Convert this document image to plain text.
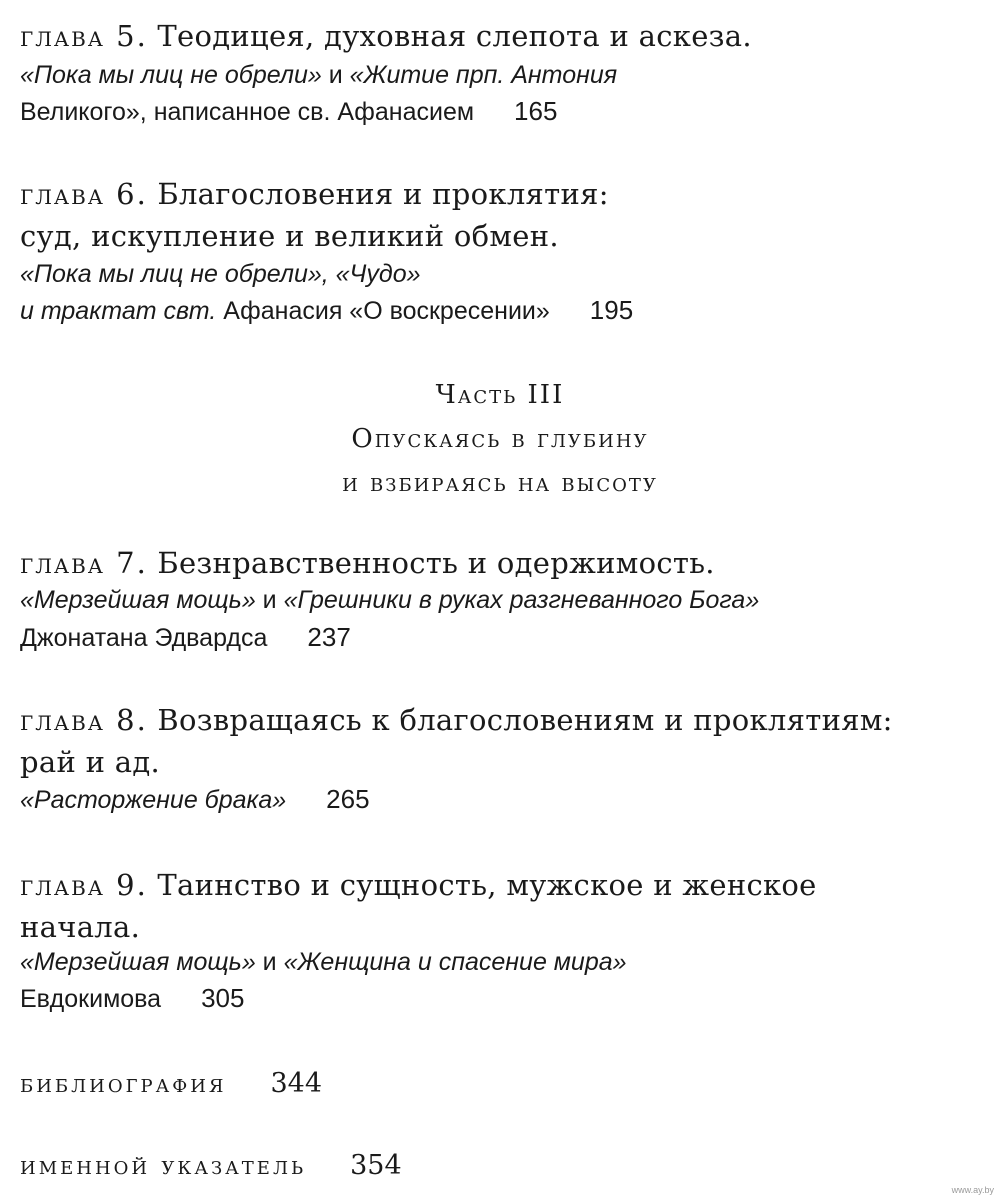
глава 5. Теодицея, духовная слепота и аскеза.
«Пока мы лиц не обрели» и «Житие прп. Антония
Великого», написанное св. Афанасием 165
глава 6. Благословения и проклятия:
суд, искупление и великий обмен.
«Пока мы лиц не обрели», «Чудо»
и трактат свт. Афанасия «О воскресении» 195
Часть III
Опускаясь в глубину
и взбираясь на высоту
глава 7. Безнравственность и одержимость.
«Мерзейшая мощь» и «Грешники в руках разгневанного Бога»
Джонатана Эдвардса 237
глава 8. Возвращаясь к благословениям и проклятиям:
рай и ад.
«Расторжение брака» 265
глава 9. Таинство и сущность, мужское и женское
начала.
«Мерзейшая мощь» и «Женщина и спасение мира»
Евдокимова 305
библиография 344
именной указатель 354
www.ay.by
